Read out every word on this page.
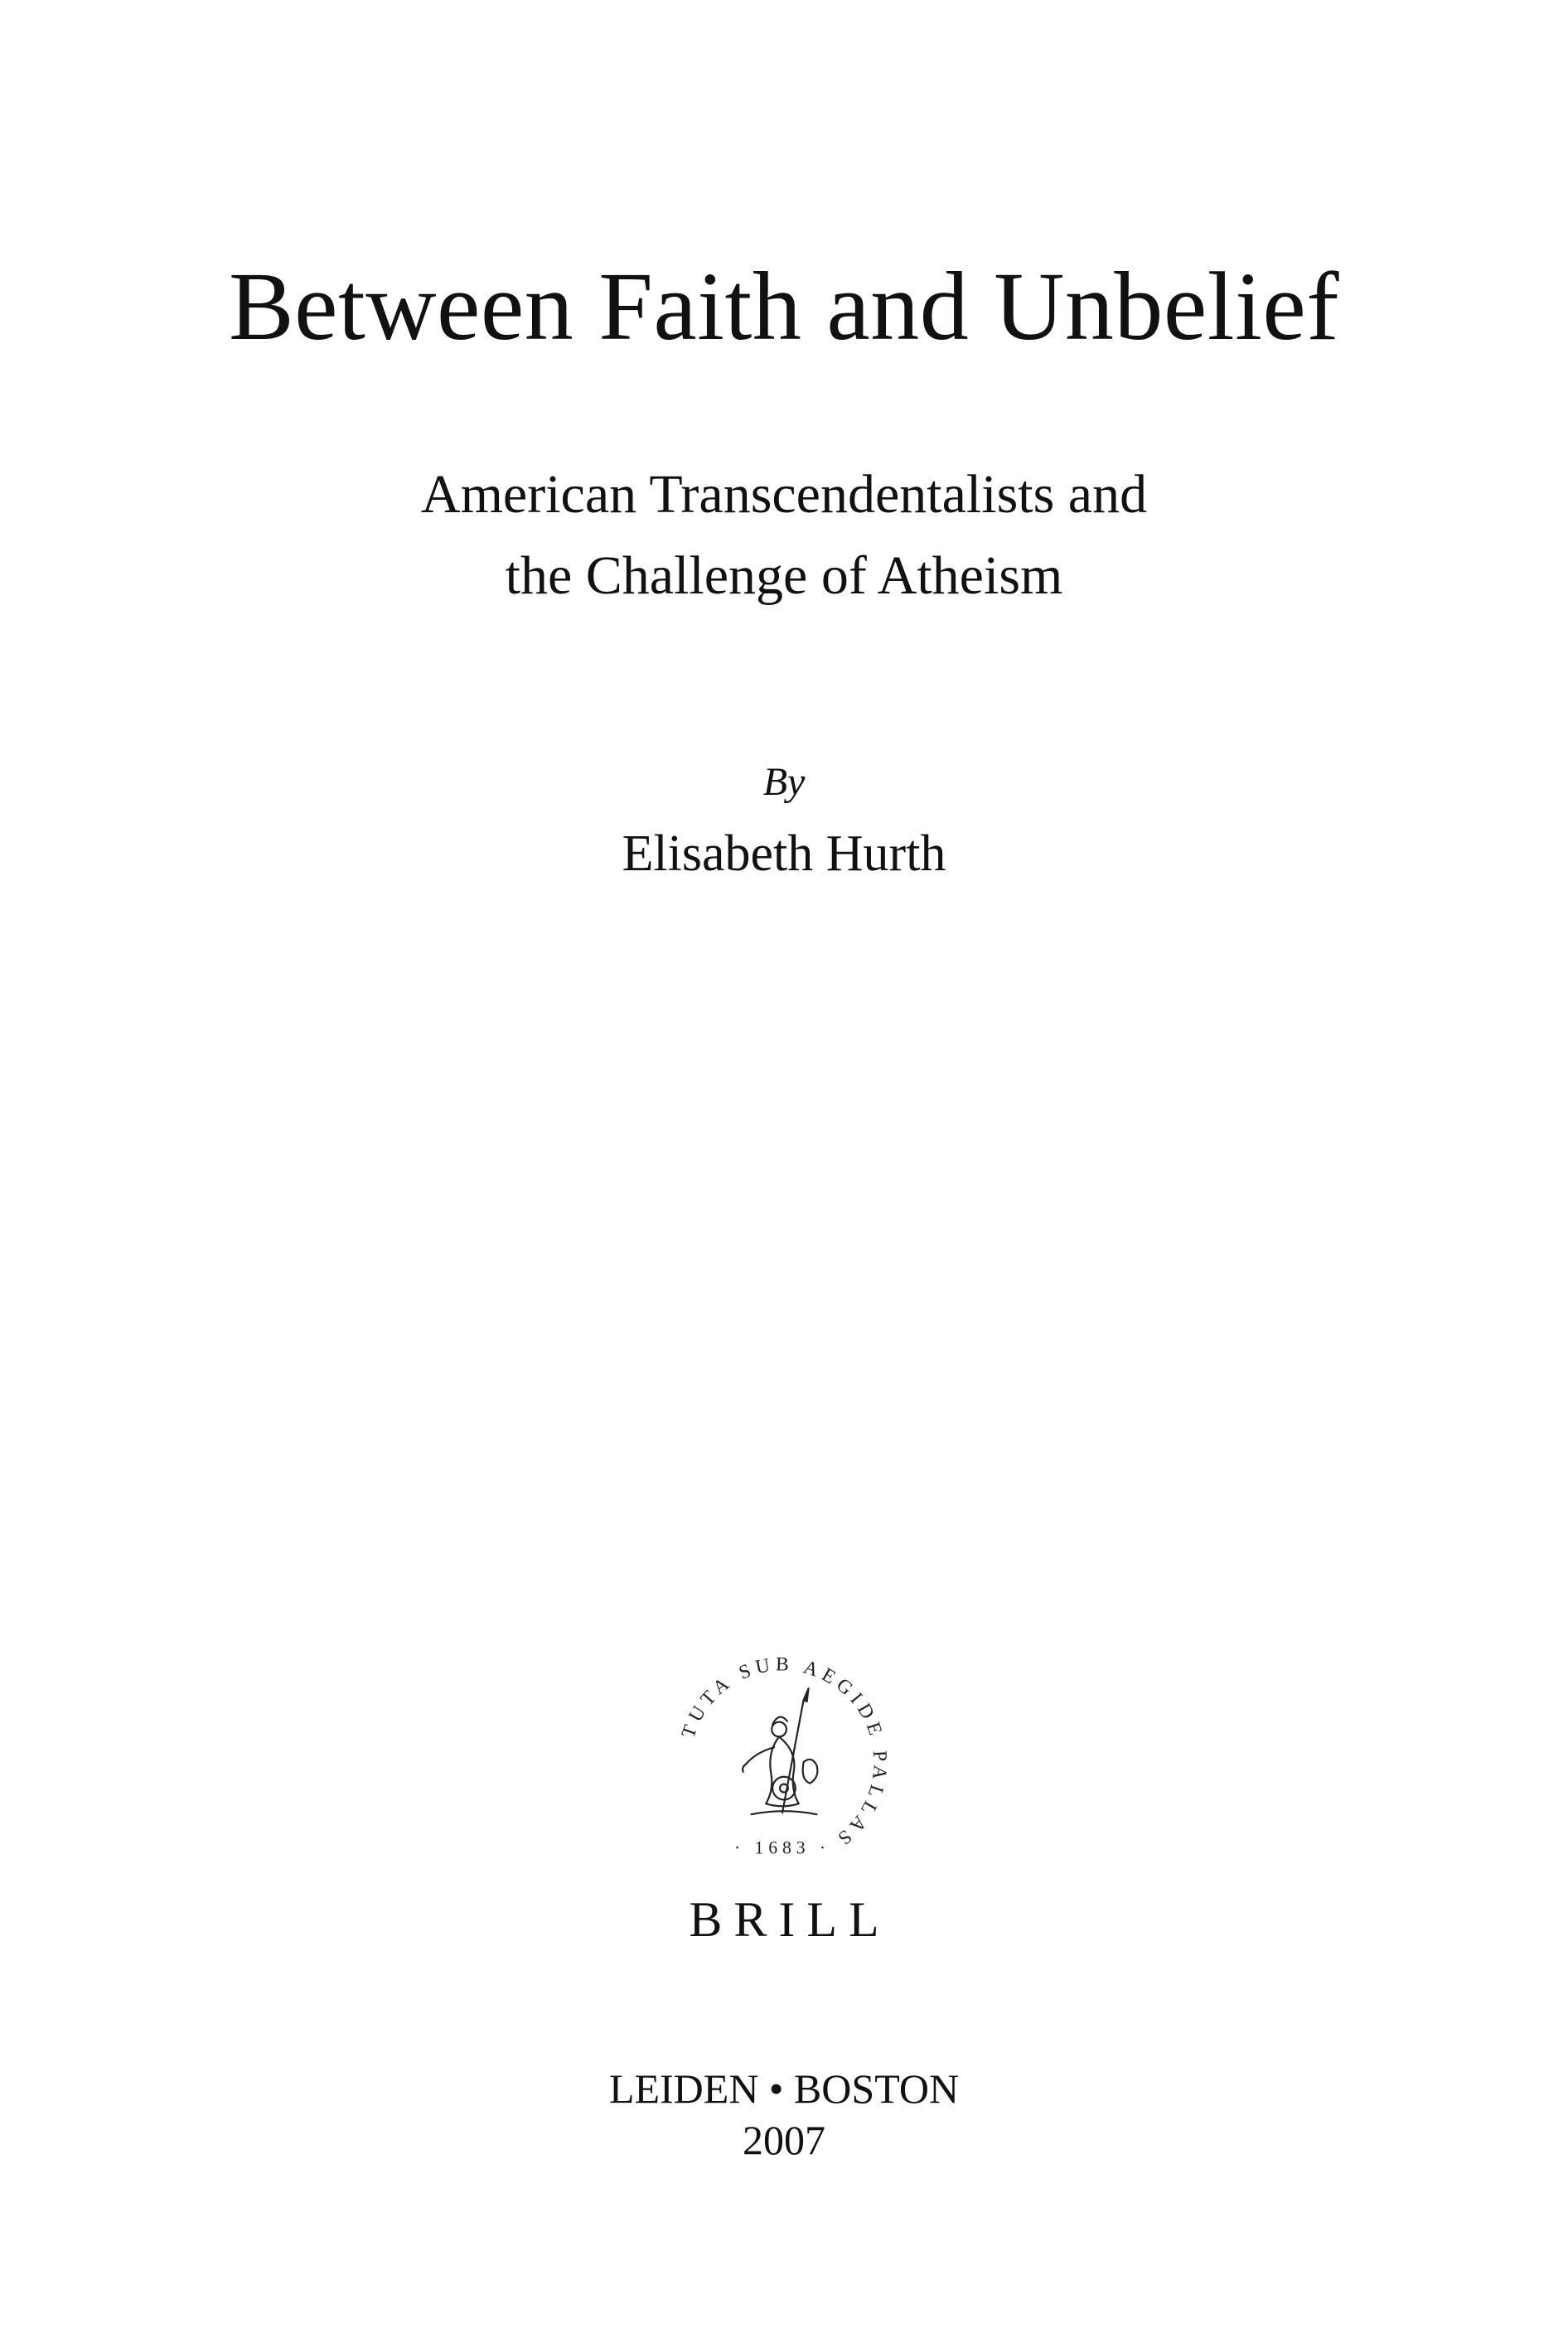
Between Faith and Unbelief
American Transcendentalists and
the Challenge of Atheism
By
Elisabeth Hurth
TUTA SUB AEGIDE PALLAS
· 1683 ·
BRILL
LEIDEN • BOSTON
2007
